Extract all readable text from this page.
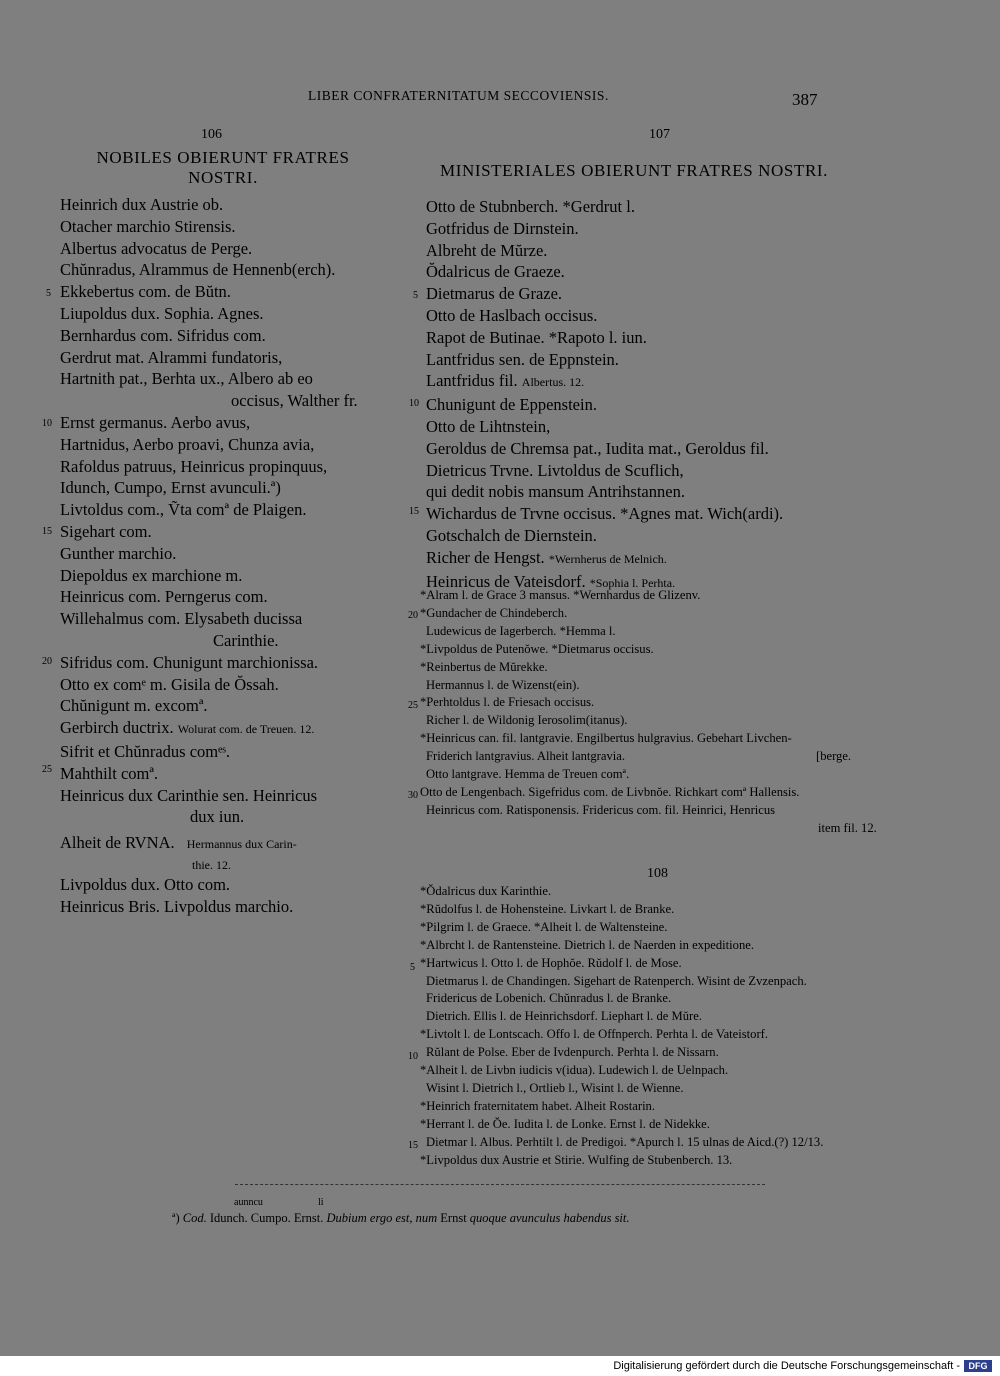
LIBER CONFRATERNITATUM SECCOVIENSIS.	387
106
NOBILES OBIERUNT FRATRES
NOSTRI.
Heinrich dux Austrie ob.
Otacher marchio Stirensis.
Albertus advocatus de Perge.
Chŭnradus, Alrammus de Hennenb(erch).
Ekkebertus com. de Bŭtn.
Liupoldus dux. Sophia. Agnes.
Bernhardus com. Sifridus com.
Gerdrut mat. Alrammi fundatoris,
Hartnith pat., Berhta ux., Albero ab eo
occisus, Walther fr.
Ernst germanus. Aerbo avus,
Hartnidus, Aerbo proavi, Chunza avia,
Rafoldus patruus, Heinricus propinquus,
Idunch, Cumpo, Ernst avunculi.ª)
Livtoldus com., Ṽta comª de Plaigen.
Sigehart com.
Gunther marchio.
Diepoldus ex marchione m.
Heinricus com. Perngerus com.
Willehalmus com. Elysabeth ducissa
Carinthie.
Sifridus com. Chunigunt marchionissa.
Otto ex comᵉ m. Gisila de Ŏssah.
Chŭnigunt m. excomª.
Gerbirch ductrix. Wolurat com. de Treuen. 12.
Sifrit et Chŭnradus comᵉˢ.
Mahthilt comª.
Heinricus dux Carinthie sen. Heinricus
dux iun.
Alheit de RVNA. Hermannus dux Carin-
thie. 12.
Livpoldus dux. Otto com.
Heinricus Bris. Livpoldus marchio.
5
10
15
20
25
107
MINISTERIALES OBIERUNT FRATRES NOSTRI.
Otto de Stubnberch. *Gerdrut l.
Gotfridus de Dirnstein.
Albreht de Mŭrze.
Ŏdalricus de Graeze.
Dietmarus de Graze.
Otto de Haslbach occisus.
Rapot de Butinae. *Rapoto l. iun.
Lantfridus sen. de Eppnstein.
Lantfridus fil. Albertus. 12.
Chunigunt de Eppenstein.
Otto de Lihtnstein,
Geroldus de Chremsa pat., Iudita mat., Geroldus fil.
Dietricus Trvne. Livtoldus de Scuflich,
qui dedit nobis mansum Antrihstannen.
Wichardus de Trvne occisus. *Agnes mat. Wich(ardi).
Gotschalch de Diernstein.
Richer de Hengst. *Wernherus de Melnich.
Heinricus de Vateisdorf. *Sophia l. Perhta.
*Alram l. de Grace 3 mansus. *Wernhardus de Glizenv.
*Gundacher de Chindeberch.
Ludewicus de Iagerberch. *Hemma l.
*Livpoldus de Putenŏwe. *Dietmarus occisus.
*Reinbertus de Mŭrekke.
Hermannus l. de Wizenst(ein).
*Perhtoldus l. de Friesach occisus.
Richer l. de Wildonig Ierosolim(itanus).
*Heinricus can. fil. lantgravie. Engilbertus hulgravius. Gebehart Livchen-
Friderich lantgravius. Alheit lantgravia.	[berge.
Otto lantgrave. Hemma de Treuen comª.
Otto de Lengenbach. Sigefridus com. de Livbnŏe. Richkart comª Hallensis.
Heinricus com. Ratisponensis. Fridericus com. fil. Heinrici, Henricus
item fil. 12.
5
10
15
20
25
30
108
*Ŏdalricus dux Karinthie.
*Rŭdolfus l. de Hohensteine. Livkart l. de Branke.
*Pilgrim l. de Graece. *Alheit l. de Waltensteine.
*Albrcht l. de Rantensteine. Dietrich l. de Naerden in expeditione.
*Hartwicus l. Otto l. de Hophŏe. Rŭdolf l. de Mose.
Dietmarus l. de Chandingen. Sigehart de Ratenperch. Wisint de Zvzenpach.
Fridericus de Lobenich. Chŭnradus l. de Branke.
Dietrich. Ellis l. de Heinrichsdorf. Liephart l. de Mŭre.
*Livtolt l. de Lontscach. Offo l. de Offnperch. Perhta l. de Vateistorf.
Rŭlant de Polse. Eber de Ivdenpurch. Perhta l. de Nissarn.
*Alheit l. de Livbn iudicis v(idua). Ludewich l. de Uelnpach.
Wisint l. Dietrich l., Ortlieb l., Wisint l. de Wienne.
*Heinrich fraternitatem habet. Alheit Rostarin.
*Herrant l. de Ŏe. Iudita l. de Lonke. Ernst l. de Nidekke.
Dietmar l. Albus. Perhtilt l. de Predigoi. *Apurch l. 15 ulnas de Aicd.(?) 12/13.
*Livpoldus dux Austrie et Stirie. Wulfing de Stubenberch. 13.
5
10
15
aunncu	li
ª) Cod. Idunch. Cumpo. Ernst. Dubium ergo est, num Ernst quoque avunculus habendus sit.
Digitalisierung gefördert durch die Deutsche Forschungsgemeinschaft - DFG
